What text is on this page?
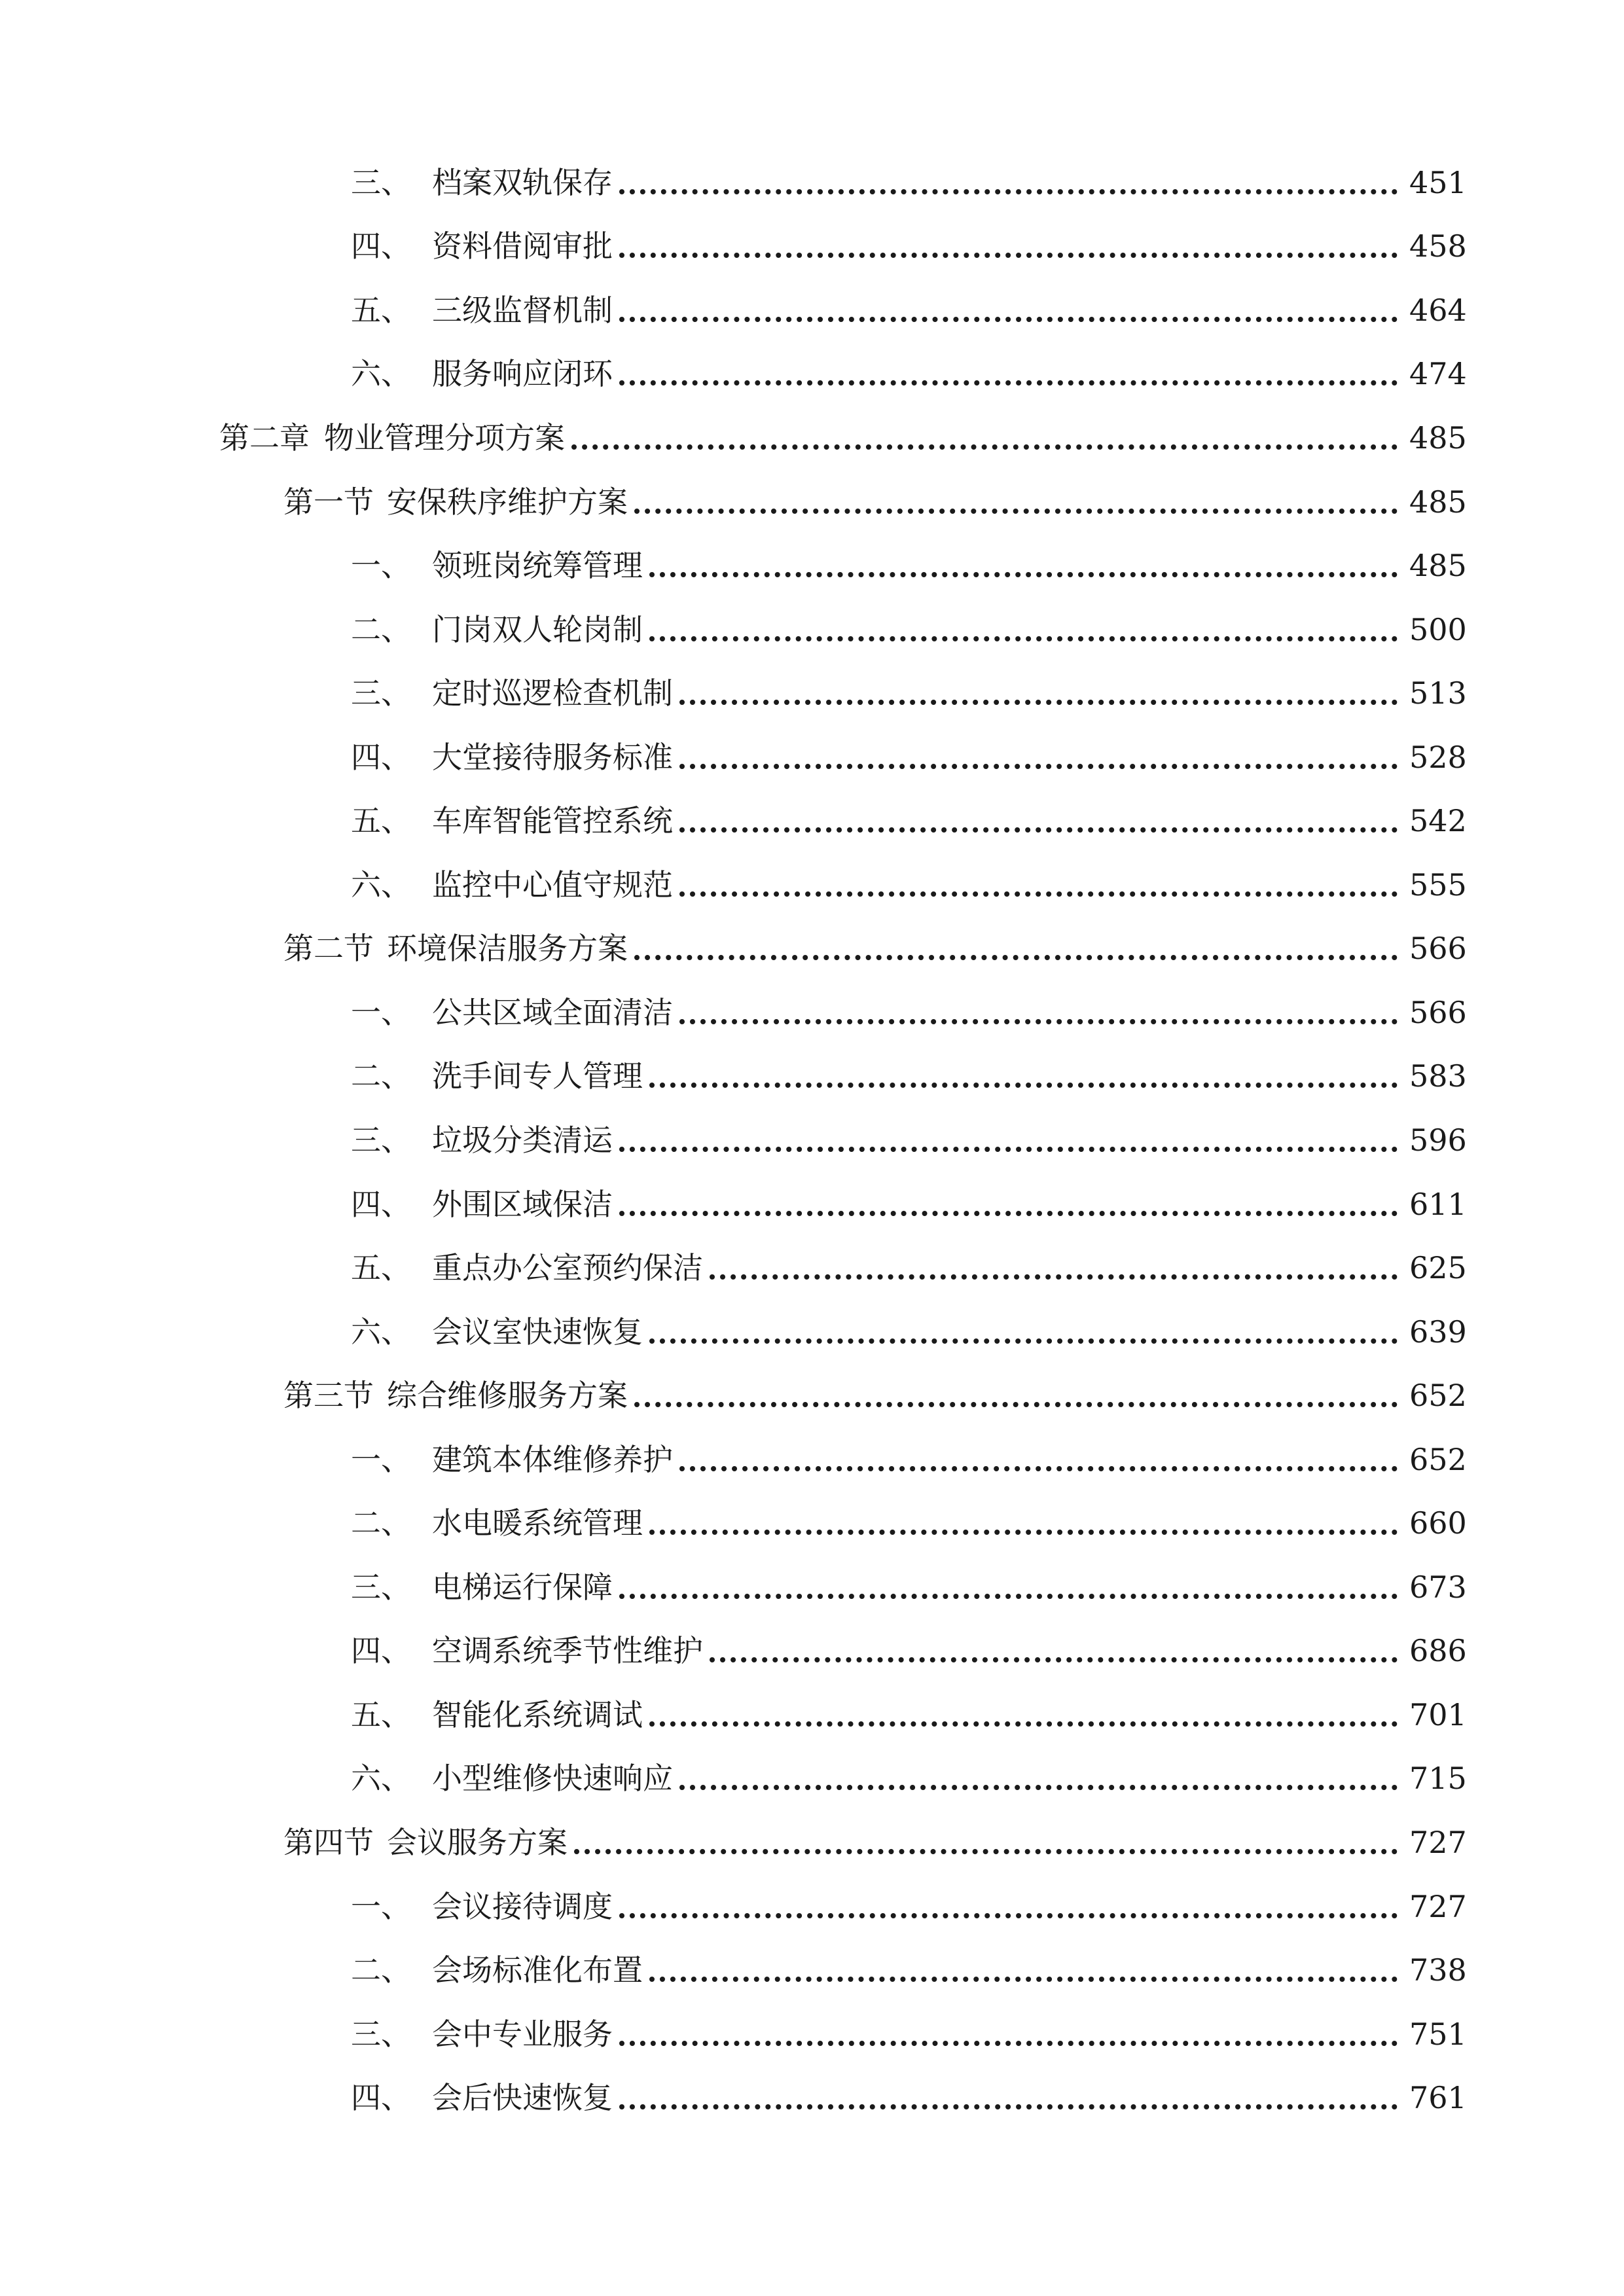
三、 档案双轨保存	451
四、 资料借阅审批	458
五、 三级监督机制	464
六、 服务响应闭环	474
第二章 物业管理分项方案	485
第一节 安保秩序维护方案	485
一、 领班岗统筹管理	485
二、 门岗双人轮岗制	500
三、 定时巡逻检查机制	513
四、 大堂接待服务标准	528
五、 车库智能管控系统	542
六、 监控中心值守规范	555
第二节 环境保洁服务方案	566
一、 公共区域全面清洁	566
二、 洗手间专人管理	583
三、 垃圾分类清运	596
四、 外围区域保洁	611
五、 重点办公室预约保洁	625
六、 会议室快速恢复	639
第三节 综合维修服务方案	652
一、 建筑本体维修养护	652
二、 水电暖系统管理	660
三、 电梯运行保障	673
四、 空调系统季节性维护	686
五、 智能化系统调试	701
六、 小型维修快速响应	715
第四节 会议服务方案	727
一、 会议接待调度	727
二、 会场标准化布置	738
三、 会中专业服务	751
四、 会后快速恢复	761
